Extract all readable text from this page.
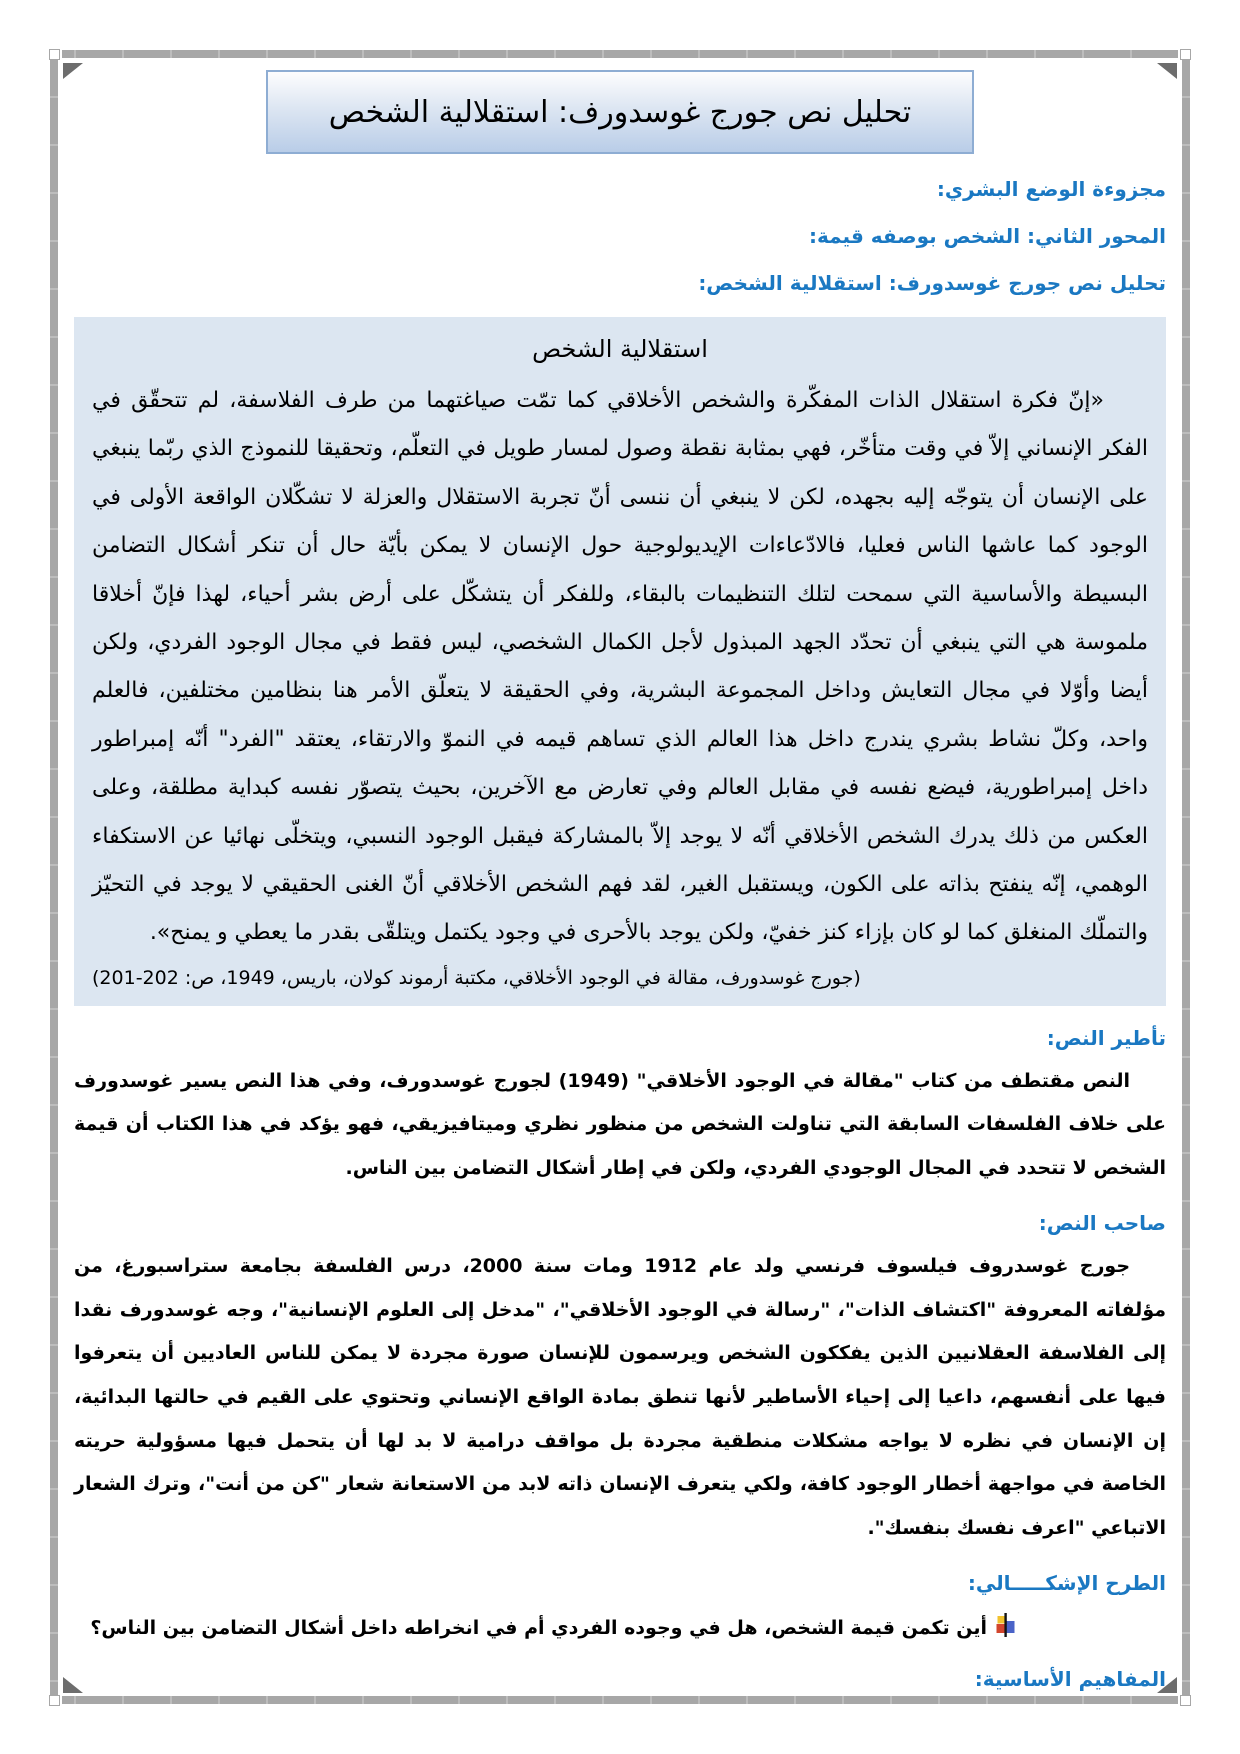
تحليل نص جورج غوسدورف: استقلالية الشخص

مجزوءة الوضع البشري:

المحور الثاني: الشخص بوصفه قيمة:

تحليل نص جورج غوسدورف: استقلالية الشخص:

استقلالية الشخص

«إنّ فكرة استقلال الذات المفكّرة والشخص الأخلاقي كما تمّت صياغتهما من طرف الفلاسفة، لم تتحقّق في الفكر الإنساني إلاّ في وقت متأخّر، فهي بمثابة نقطة وصول لمسار طويل في التعلّم، وتحقيقا للنموذج الذي ربّما ينبغي على الإنسان أن يتوجّه إليه بجهده، لكن لا ينبغي أن ننسى أنّ تجربة الاستقلال والعزلة لا تشكّلان الواقعة الأولى في الوجود كما عاشها الناس فعليا، فالادّعاءات الإيديولوجية حول الإنسان لا يمكن بأيّة حال أن تنكر أشكال التضامن البسيطة والأساسية التي سمحت لتلك التنظيمات بالبقاء، وللفكر أن يتشكّل على أرض بشر أحياء، لهذا فإنّ أخلاقا ملموسة هي التي ينبغي أن تحدّد الجهد المبذول لأجل الكمال الشخصي، ليس فقط في مجال الوجود الفردي، ولكن أيضا وأوّلا في مجال التعايش وداخل المجموعة البشرية، وفي الحقيقة لا يتعلّق الأمر هنا بنظامين مختلفين، فالعلم واحد، وكلّ نشاط بشري يندرج داخل هذا العالم الذي تساهم قيمه في النموّ والارتقاء، يعتقد "الفرد" أنّه إمبراطور داخل إمبراطورية، فيضع نفسه في مقابل العالم وفي تعارض مع الآخرين، بحيث يتصوّر نفسه كبداية مطلقة، وعلى العكس من ذلك يدرك الشخص الأخلاقي أنّه لا يوجد إلاّ بالمشاركة فيقبل الوجود النسبي، ويتخلّى نهائيا عن الاستكفاء الوهمي، إنّه ينفتح بذاته على الكون، ويستقبل الغير، لقد فهم الشخص الأخلاقي أنّ الغنى الحقيقي لا يوجد في التحيّز والتملّك المنغلق كما لو كان بإزاء كنز خفيّ، ولكن يوجد بالأحرى في وجود يكتمل ويتلقّى بقدر ما يعطي و يمنح».

(جورج غوسدورف، مقالة في الوجود الأخلاقي، مكتبة أرموند كولان، باريس، 1949، ص: 202-201)

تأطير النص:

النص مقتطف من كتاب "مقالة في الوجود الأخلاقي" (1949) لجورج غوسدورف، وفي هذا النص يسير غوسدورف على خلاف الفلسفات السابقة التي تناولت الشخص من منظور نظري وميتافيزيقي، فهو يؤكد في هذا الكتاب أن قيمة الشخص لا تتحدد في المجال الوجودي الفردي، ولكن في إطار أشكال التضامن بين الناس.

صاحب النص:

جورج غوسدروف فيلسوف فرنسي ولد عام 1912 ومات سنة 2000، درس الفلسفة بجامعة ستراسبورغ، من مؤلفاته المعروفة "اكتشاف الذات"، "رسالة في الوجود الأخلاقي"، "مدخل إلى العلوم الإنسانية"، وجه غوسدورف نقدا إلى الفلاسفة العقلانيين الذين يفككون الشخص ويرسمون للإنسان صورة مجردة لا يمكن للناس العاديين أن يتعرفوا فيها على أنفسهم، داعيا إلى إحياء الأساطير لأنها تنطق بمادة الواقع الإنساني وتحتوي على القيم في حالتها البدائية، إن الإنسان في نظره لا يواجه مشكلات منطقية مجردة بل مواقف درامية لا بد لها أن يتحمل فيها مسؤولية حريته الخاصة في مواجهة أخطار الوجود كافة، ولكي يتعرف الإنسان ذاته لابد من الاستعانة شعار "كن من أنت"، وترك الشعار الاتباعي "اعرف نفسك بنفسك".

الطرح الإشكـــــالي:
أين تكمن قيمة الشخص، هل في وجوده الفردي أم في انخراطه داخل أشكال التضامن بين الناس؟
المفاهيم الأساسية:
